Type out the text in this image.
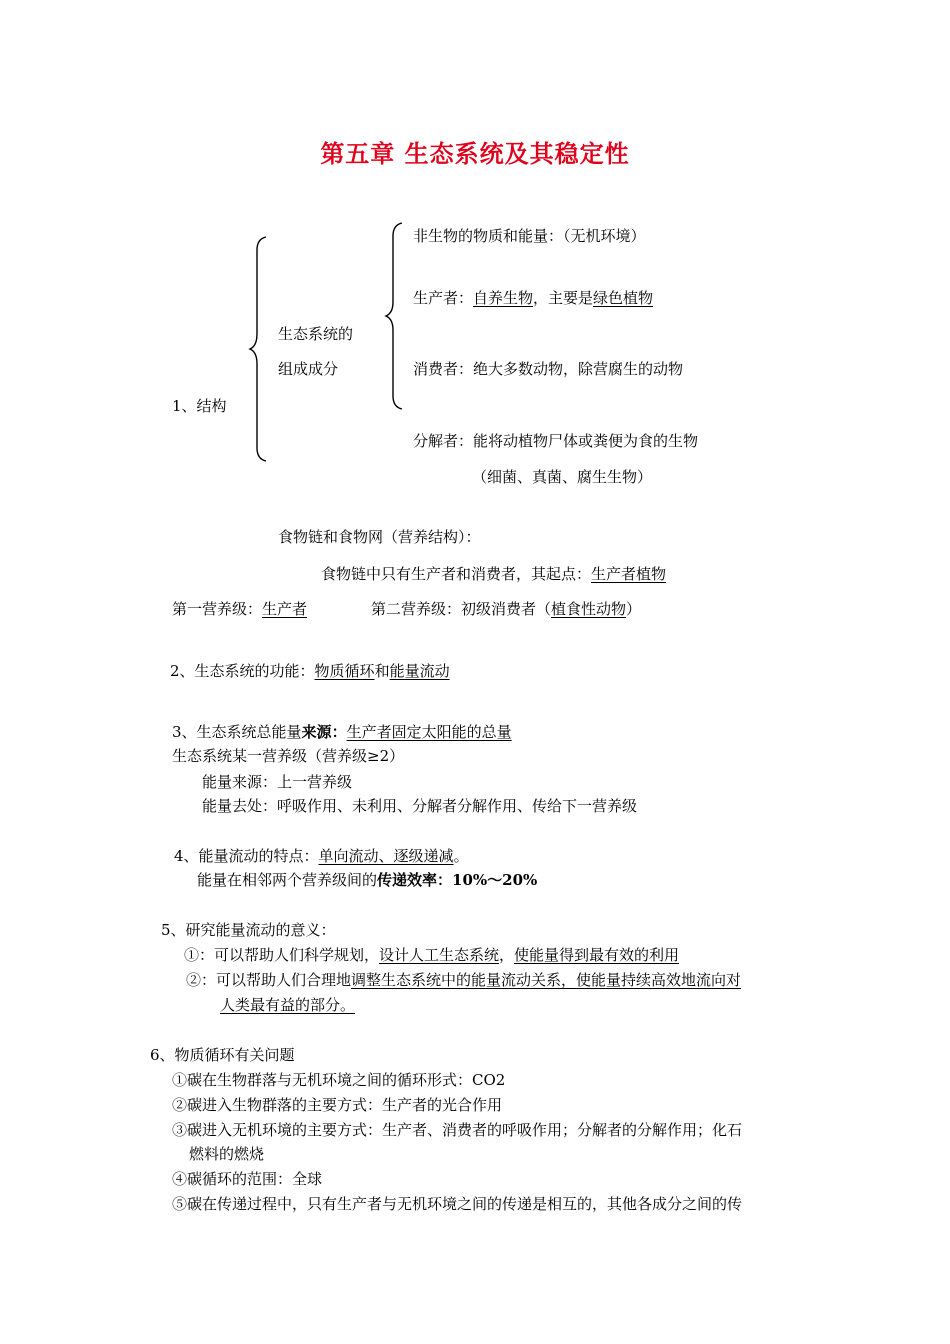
第五章 生态系统及其稳定性
非生物的物质和能量：（无机环境）
生产者：自养生物，主要是绿色植物
生态系统的
组成成分	消费者：绝大多数动物，除营腐生的动物
1、结构
分解者：能将动植物尸体或粪便为食的生物
（细菌、真菌、腐生生物）
食物链和食物网（营养结构）：
食物链中只有生产者和消费者，其起点：生产者植物
第一营养级：生产者	第二营养级：初级消费者（植食性动物）
2、生态系统的功能：物质循环和能量流动
3、生态系统总能量来源：生产者固定太阳能的总量
生态系统某一营养级（营养级≥2）
能量来源：上一营养级
能量去处：呼吸作用、未利用、分解者分解作用、传给下一营养级
4、能量流动的特点：单向流动、逐级递减。
能量在相邻两个营养级间的传递效率：10%～20%
5、研究能量流动的意义：
①：可以帮助人们科学规划，设计人工生态系统，使能量得到最有效的利用
②：可以帮助人们合理地调整生态系统中的能量流动关系，使能量持续高效地流向对
人类最有益的部分。
6、物质循环有关问题
①碳在生物群落与无机环境之间的循环形式：CO2
②碳进入生物群落的主要方式：生产者的光合作用
③碳进入无机环境的主要方式：生产者、消费者的呼吸作用；分解者的分解作用；化石
燃料的燃烧
④碳循环的范围：全球
⑤碳在传递过程中，只有生产者与无机环境之间的传递是相互的，其他各成分之间的传
